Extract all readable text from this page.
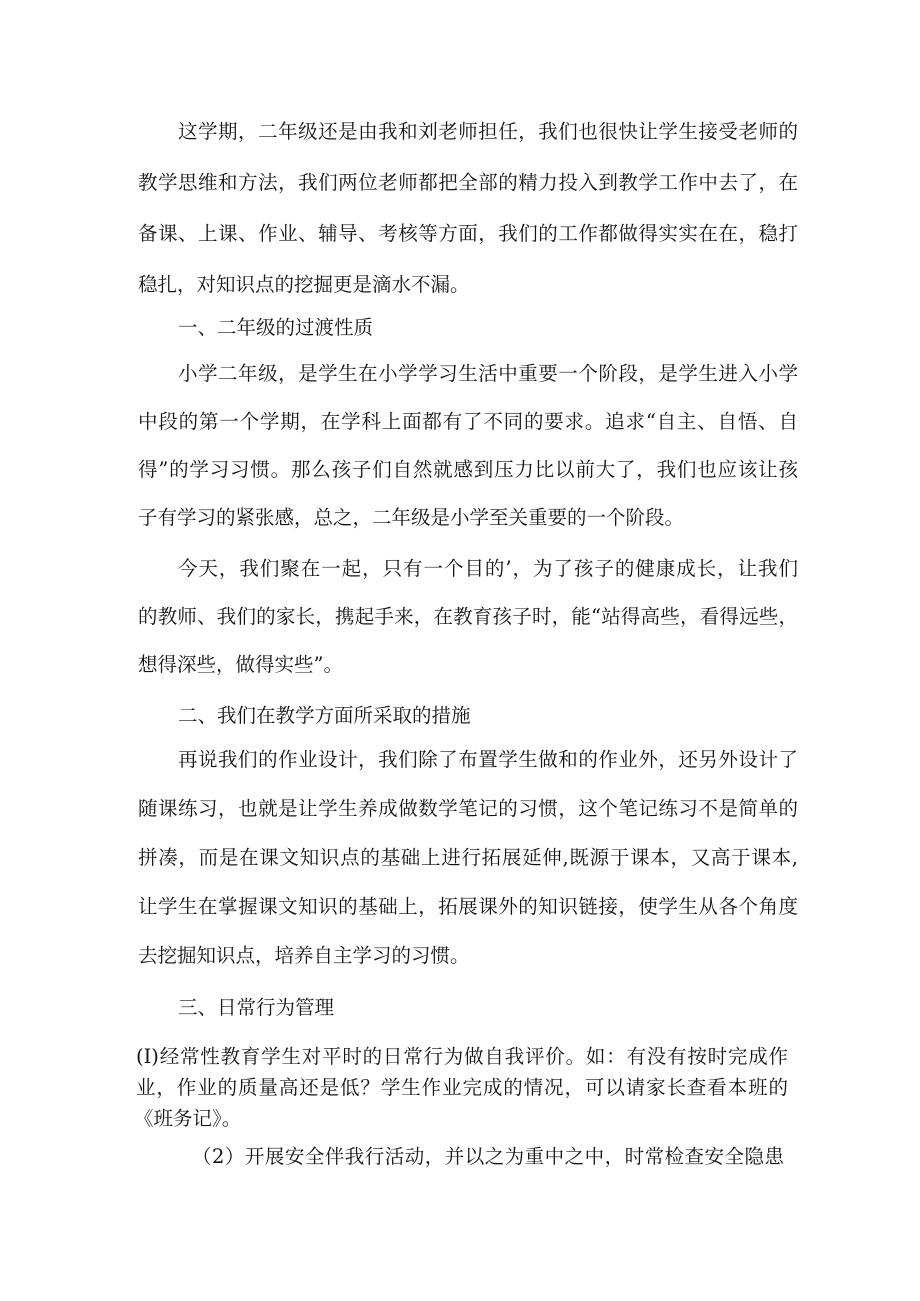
这学期，二年级还是由我和刘老师担任，我们也很快让学生接受老师的
教学思维和方法，我们两位老师都把全部的精力投入到教学工作中去了，在
备课、上课、作业、辅导、考核等方面，我们的工作都做得实实在在，稳打
稳扎，对知识点的挖掘更是滴水不漏。
一、二年级的过渡性质
小学二年级，是学生在小学学习生活中重要一个阶段，是学生进入小学
中段的第一个学期，在学科上面都有了不同的要求。追求“自主、自悟、自
得”的学习习惯。那么孩子们自然就感到压力比以前大了，我们也应该让孩
子有学习的紧张感，总之，二年级是小学至关重要的一个阶段。
今天，我们聚在一起，只有一个目的’，为了孩子的健康成长，让我们
的教师、我们的家长，携起手来，在教育孩子时，能“站得高些，看得远些，
想得深些，做得实些”。
二、我们在教学方面所采取的措施
再说我们的作业设计，我们除了布置学生做和的作业外，还另外设计了
随课练习，也就是让学生养成做数学笔记的习惯，这个笔记练习不是简单的
拼凑，而是在课文知识点的基础上进行拓展延伸,既源于课本，又高于课本,
让学生在掌握课文知识的基础上，拓展课外的知识链接，使学生从各个角度
去挖掘知识点，培养自主学习的习惯。
三、日常行为管理
(I)经常性教育学生对平时的日常行为做自我评价。如：有没有按时完成作
业，作业的质量高还是低？学生作业完成的情况，可以请家长查看本班的
《班务记》。
（2）开展安全伴我行活动，并以之为重中之中，时常检查安全隐患
